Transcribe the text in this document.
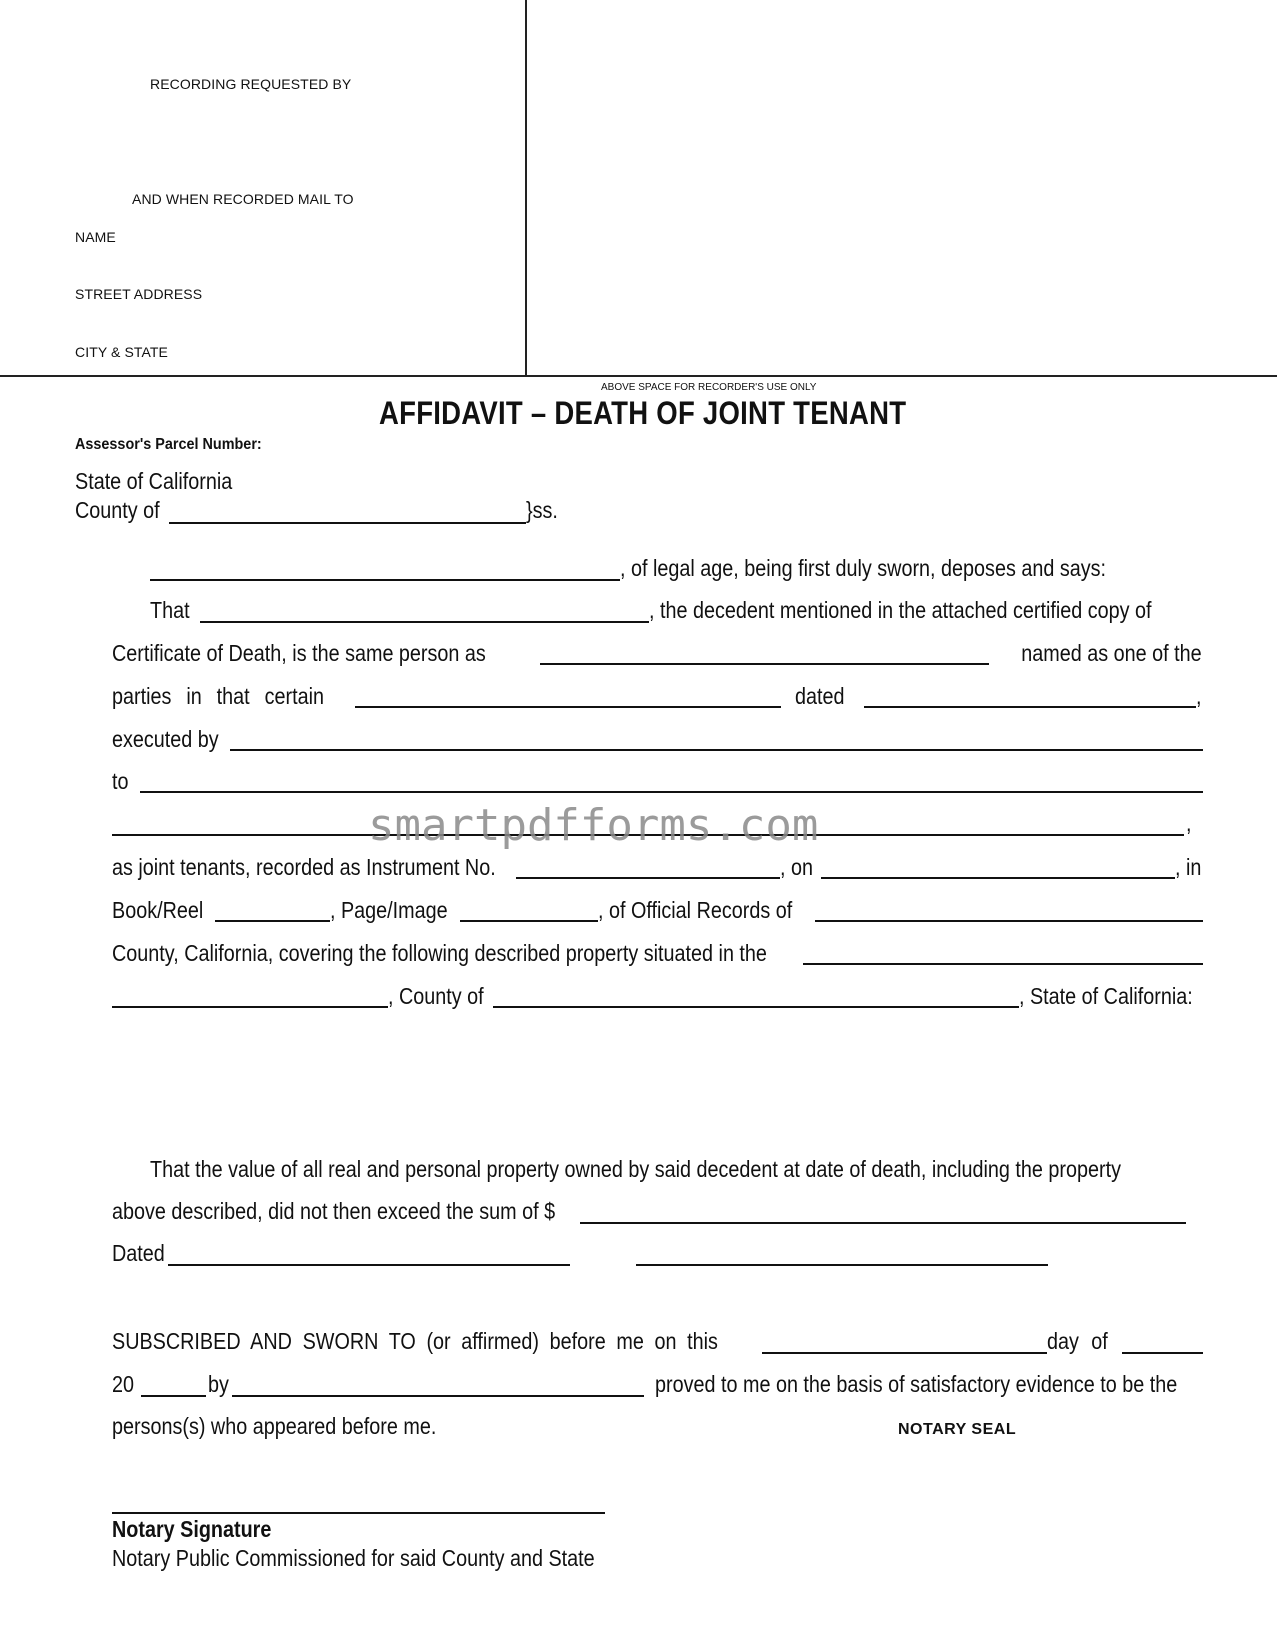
RECORDING REQUESTED BY
AND WHEN RECORDED MAIL TO
NAME
STREET ADDRESS
CITY & STATE
ABOVE SPACE FOR RECORDER'S USE ONLY
AFFIDAVIT – DEATH OF JOINT TENANT
Assessor's Parcel Number:
State of California
County of	}ss.
, of legal age, being first duly sworn, deposes and says:
That	, the decedent mentioned in the attached certified copy of
Certificate of Death, is the same person as	named as one of the
parties in that certain	dated	,
executed by
to
,
smartpdfforms.com
as joint tenants, recorded as Instrument No.	, on	, in
Book/Reel	, Page/Image	, of Official Records of
County, California, covering the following described property situated in the
, County of	, State of California:
That the value of all real and personal property owned by said decedent at date of death, including the property
above described, did not then exceed the sum of $
Dated
SUBSCRIBED AND SWORN TO (or affirmed) before me on this	day of
20	by	proved to me on the basis of satisfactory evidence to be the
persons(s) who appeared before me.	NOTARY SEAL
Notary Signature
Notary Public Commissioned for said County and State
